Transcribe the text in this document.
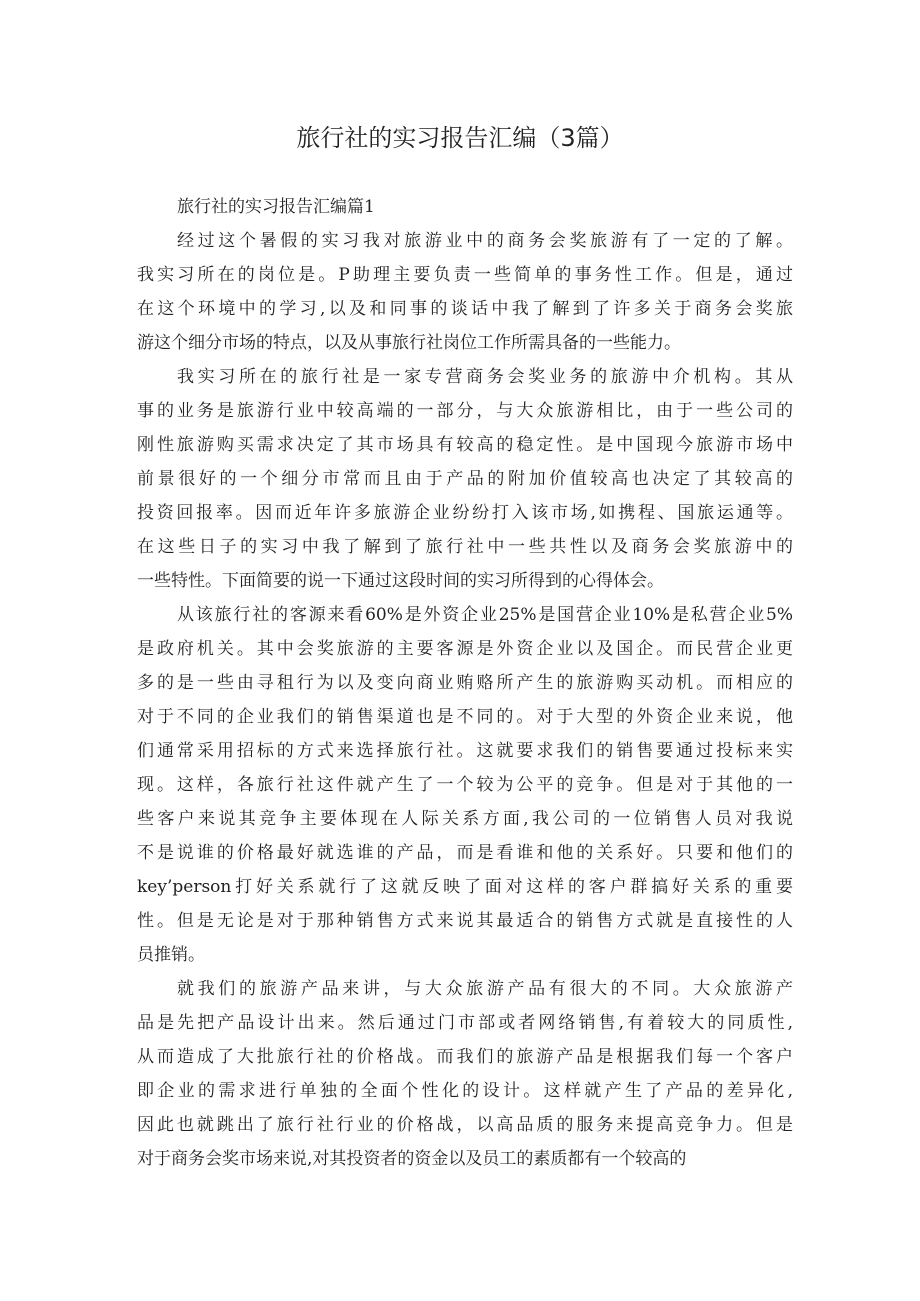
旅行社的实习报告汇编（3篇）

旅行社的实习报告汇编篇1

经过这个暑假的实习我对旅游业中的商务会奖旅游有了一定的了解。
我实习所在的岗位是。P助理主要负责一些简单的事务性工作。但是，通过
在这个环境中的学习,以及和同事的谈话中我了解到了许多关于商务会奖旅
游这个细分市场的特点，以及从事旅行社岗位工作所需具备的一些能力。

我实习所在的旅行社是一家专营商务会奖业务的旅游中介机构。其从
事的业务是旅游行业中较高端的一部分，与大众旅游相比，由于一些公司的
刚性旅游购买需求决定了其市场具有较高的稳定性。是中国现今旅游市场中
前景很好的一个细分市常而且由于产品的附加价值较高也决定了其较高的
投资回报率。因而近年许多旅游企业纷纷打入该市场,如携程、国旅运通等。
在这些日子的实习中我了解到了旅行社中一些共性以及商务会奖旅游中的
一些特性。下面简要的说一下通过这段时间的实习所得到的心得体会。

从该旅行社的客源来看60%是外资企业25%是国营企业10%是私营企业5%
是政府机关。其中会奖旅游的主要客源是外资企业以及国企。而民营企业更
多的是一些由寻租行为以及变向商业贿赂所产生的旅游购买动机。而相应的
对于不同的企业我们的销售渠道也是不同的。对于大型的外资企业来说，他
们通常采用招标的方式来选择旅行社。这就要求我们的销售要通过投标来实
现。这样，各旅行社这件就产生了一个较为公平的竞争。但是对于其他的一
些客户来说其竞争主要体现在人际关系方面,我公司的一位销售人员对我说
不是说谁的价格最好就选谁的产品，而是看谁和他的关系好。只要和他们的
key’person打好关系就行了这就反映了面对这样的客户群搞好关系的重要
性。但是无论是对于那种销售方式来说其最适合的销售方式就是直接性的人
员推销。

就我们的旅游产品来讲，与大众旅游产品有很大的不同。大众旅游产
品是先把产品设计出来。然后通过门市部或者网络销售,有着较大的同质性,
从而造成了大批旅行社的价格战。而我们的旅游产品是根据我们每一个客户
即企业的需求进行单独的全面个性化的设计。这样就产生了产品的差异化,
因此也就跳出了旅行社行业的价格战，以高品质的服务来提高竞争力。但是
对于商务会奖市场来说,对其投资者的资金以及员工的素质都有一个较高的
